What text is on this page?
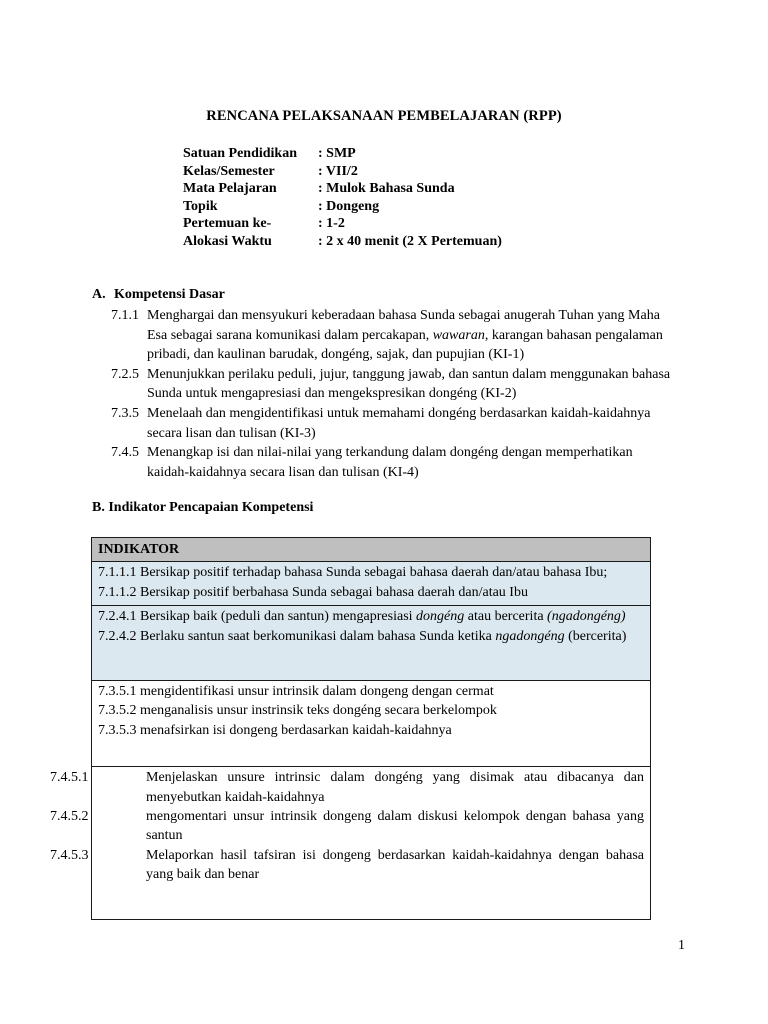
RENCANA PELAKSANAAN PEMBELAJARAN (RPP)
Satuan Pendidikan	: SMP
Kelas/Semester	: VII/2
Mata Pelajaran	: Mulok Bahasa Sunda
Topik	: Dongeng
Pertemuan ke-	: 1-2
Alokasi Waktu	: 2 x 40 menit (2 X Pertemuan)
A. Kompetensi Dasar
7.1.1 Menghargai dan mensyukuri keberadaan bahasa Sunda sebagai anugerah Tuhan yang Maha Esa sebagai sarana komunikasi dalam percakapan, wawaran, karangan bahasan pengalaman pribadi, dan kaulinan barudak, dongéng, sajak, dan pupujian (KI-1)
7.2.5 Menunjukkan perilaku peduli, jujur, tanggung jawab, dan santun dalam menggunakan bahasa Sunda untuk mengapresiasi dan mengekspresikan dongéng (KI-2)
7.3.5 Menelaah dan mengidentifikasi untuk memahami dongéng berdasarkan kaidah-kaidahnya secara lisan dan tulisan (KI-3)
7.4.5 Menangkap isi dan nilai-nilai yang terkandung dalam dongéng dengan memperhatikan kaidah-kaidahnya secara lisan dan tulisan (KI-4)
B. Indikator Pencapaian Kompetensi
INDIKATOR
7.1.1.1 Bersikap positif terhadap bahasa Sunda sebagai bahasa daerah dan/atau bahasa Ibu;
7.1.1.2 Bersikap positif berbahasa Sunda sebagai bahasa daerah dan/atau Ibu
7.2.4.1 Bersikap baik (peduli dan santun) mengapresiasi dongéng atau bercerita (ngadongéng)
7.2.4.2 Berlaku santun saat berkomunikasi dalam bahasa Sunda ketika ngadongéng (bercerita)
7.3.5.1 mengidentifikasi unsur intrinsik dalam dongeng dengan cermat
7.3.5.2 menganalisis unsur instrinsik teks dongéng secara berkelompok
7.3.5.3 menafsirkan isi dongeng berdasarkan kaidah-kaidahnya
7.4.5.1	Menjelaskan unsure intrinsic dalam dongéng yang disimak atau dibacanya dan menyebutkan kaidah-kaidahnya
7.4.5.2	mengomentari unsur intrinsik dongeng dalam diskusi kelompok dengan bahasa yang santun
7.4.5.3	Melaporkan hasil tafsiran isi dongeng berdasarkan kaidah-kaidahnya dengan bahasa yang baik dan benar
1
